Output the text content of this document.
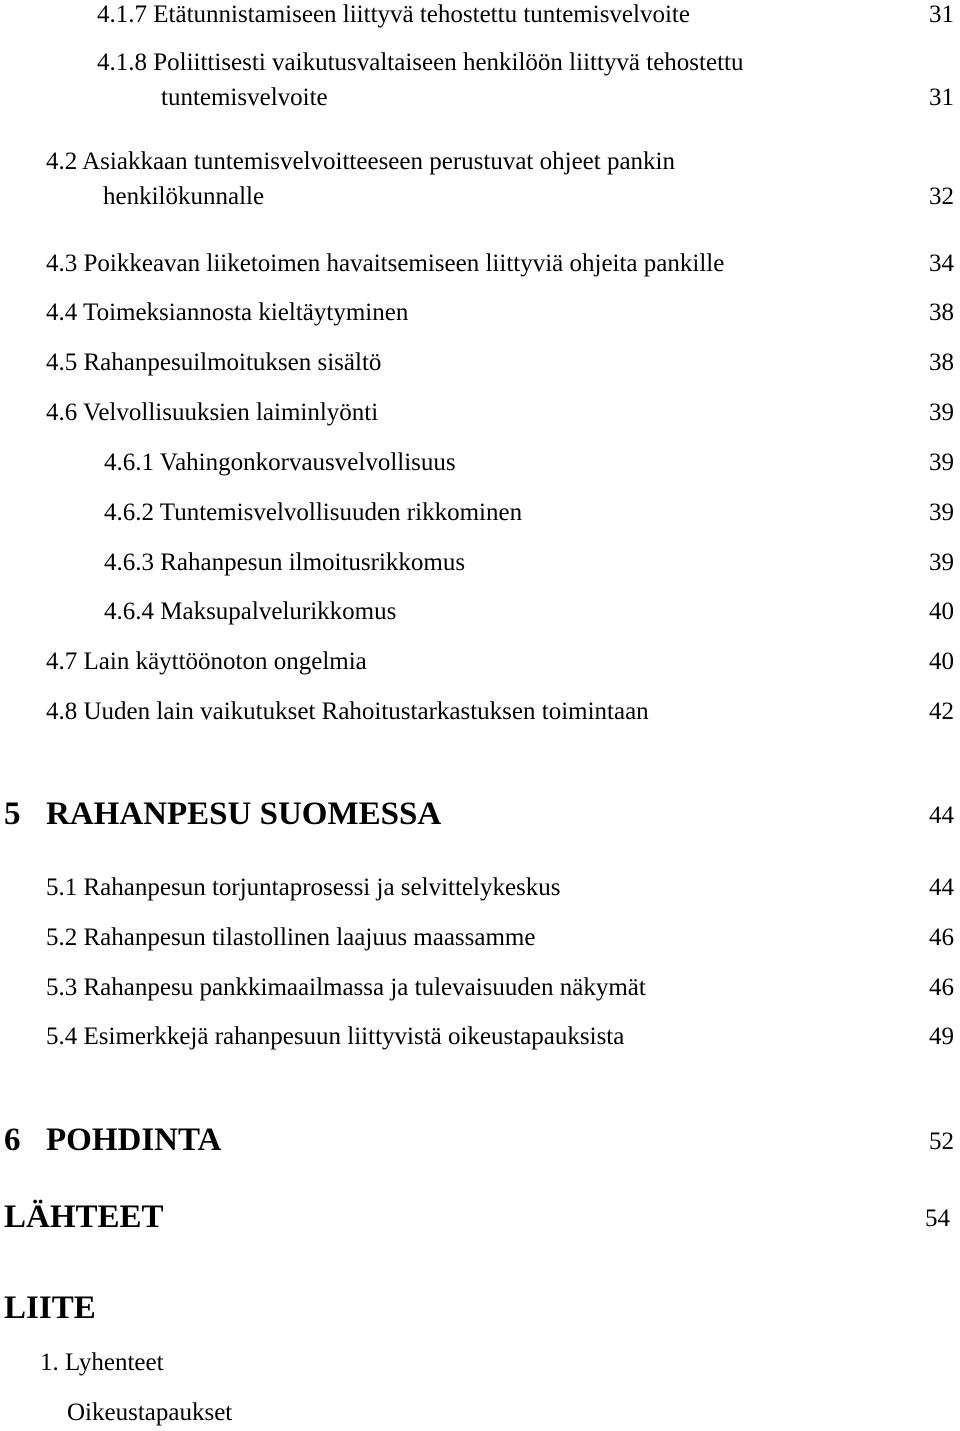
4.1.7 Etätunnistamiseen liittyvä tehostettu tuntemisvelvoite	31
4.1.8 Poliittisesti vaikutusvaltaiseen henkilöön liittyvä tehostettu
tuntemisvelvoite	31
4.2 Asiakkaan tuntemisvelvoitteeseen perustuvat ohjeet pankin
henkilökunnalle	32
4.3 Poikkeavan liiketoimen havaitsemiseen liittyviä ohjeita pankille	34
4.4 Toimeksiannosta kieltäytyminen	38
4.5 Rahanpesuilmoituksen sisältö	38
4.6 Velvollisuuksien laiminlyönti	39
4.6.1 Vahingonkorvausvelvollisuus	39
4.6.2 Tuntemisvelvollisuuden rikkominen	39
4.6.3 Rahanpesun ilmoitusrikkomus	39
4.6.4 Maksupalvelurikkomus	40
4.7 Lain käyttöönoton ongelmia	40
4.8 Uuden lain vaikutukset Rahoitustarkastuksen toimintaan	42
5 RAHANPESU SUOMESSA	44
5.1 Rahanpesun torjuntaprosessi ja selvittelykeskus	44
5.2 Rahanpesun tilastollinen laajuus maassamme	46
5.3 Rahanpesu pankkimaailmassa ja tulevaisuuden näkymät	46
5.4 Esimerkkejä rahanpesuun liittyvistä oikeustapauksista	49
6 POHDINTA	52
LÄHTEET	54
LIITE
1. Lyhenteet
Oikeustapaukset
